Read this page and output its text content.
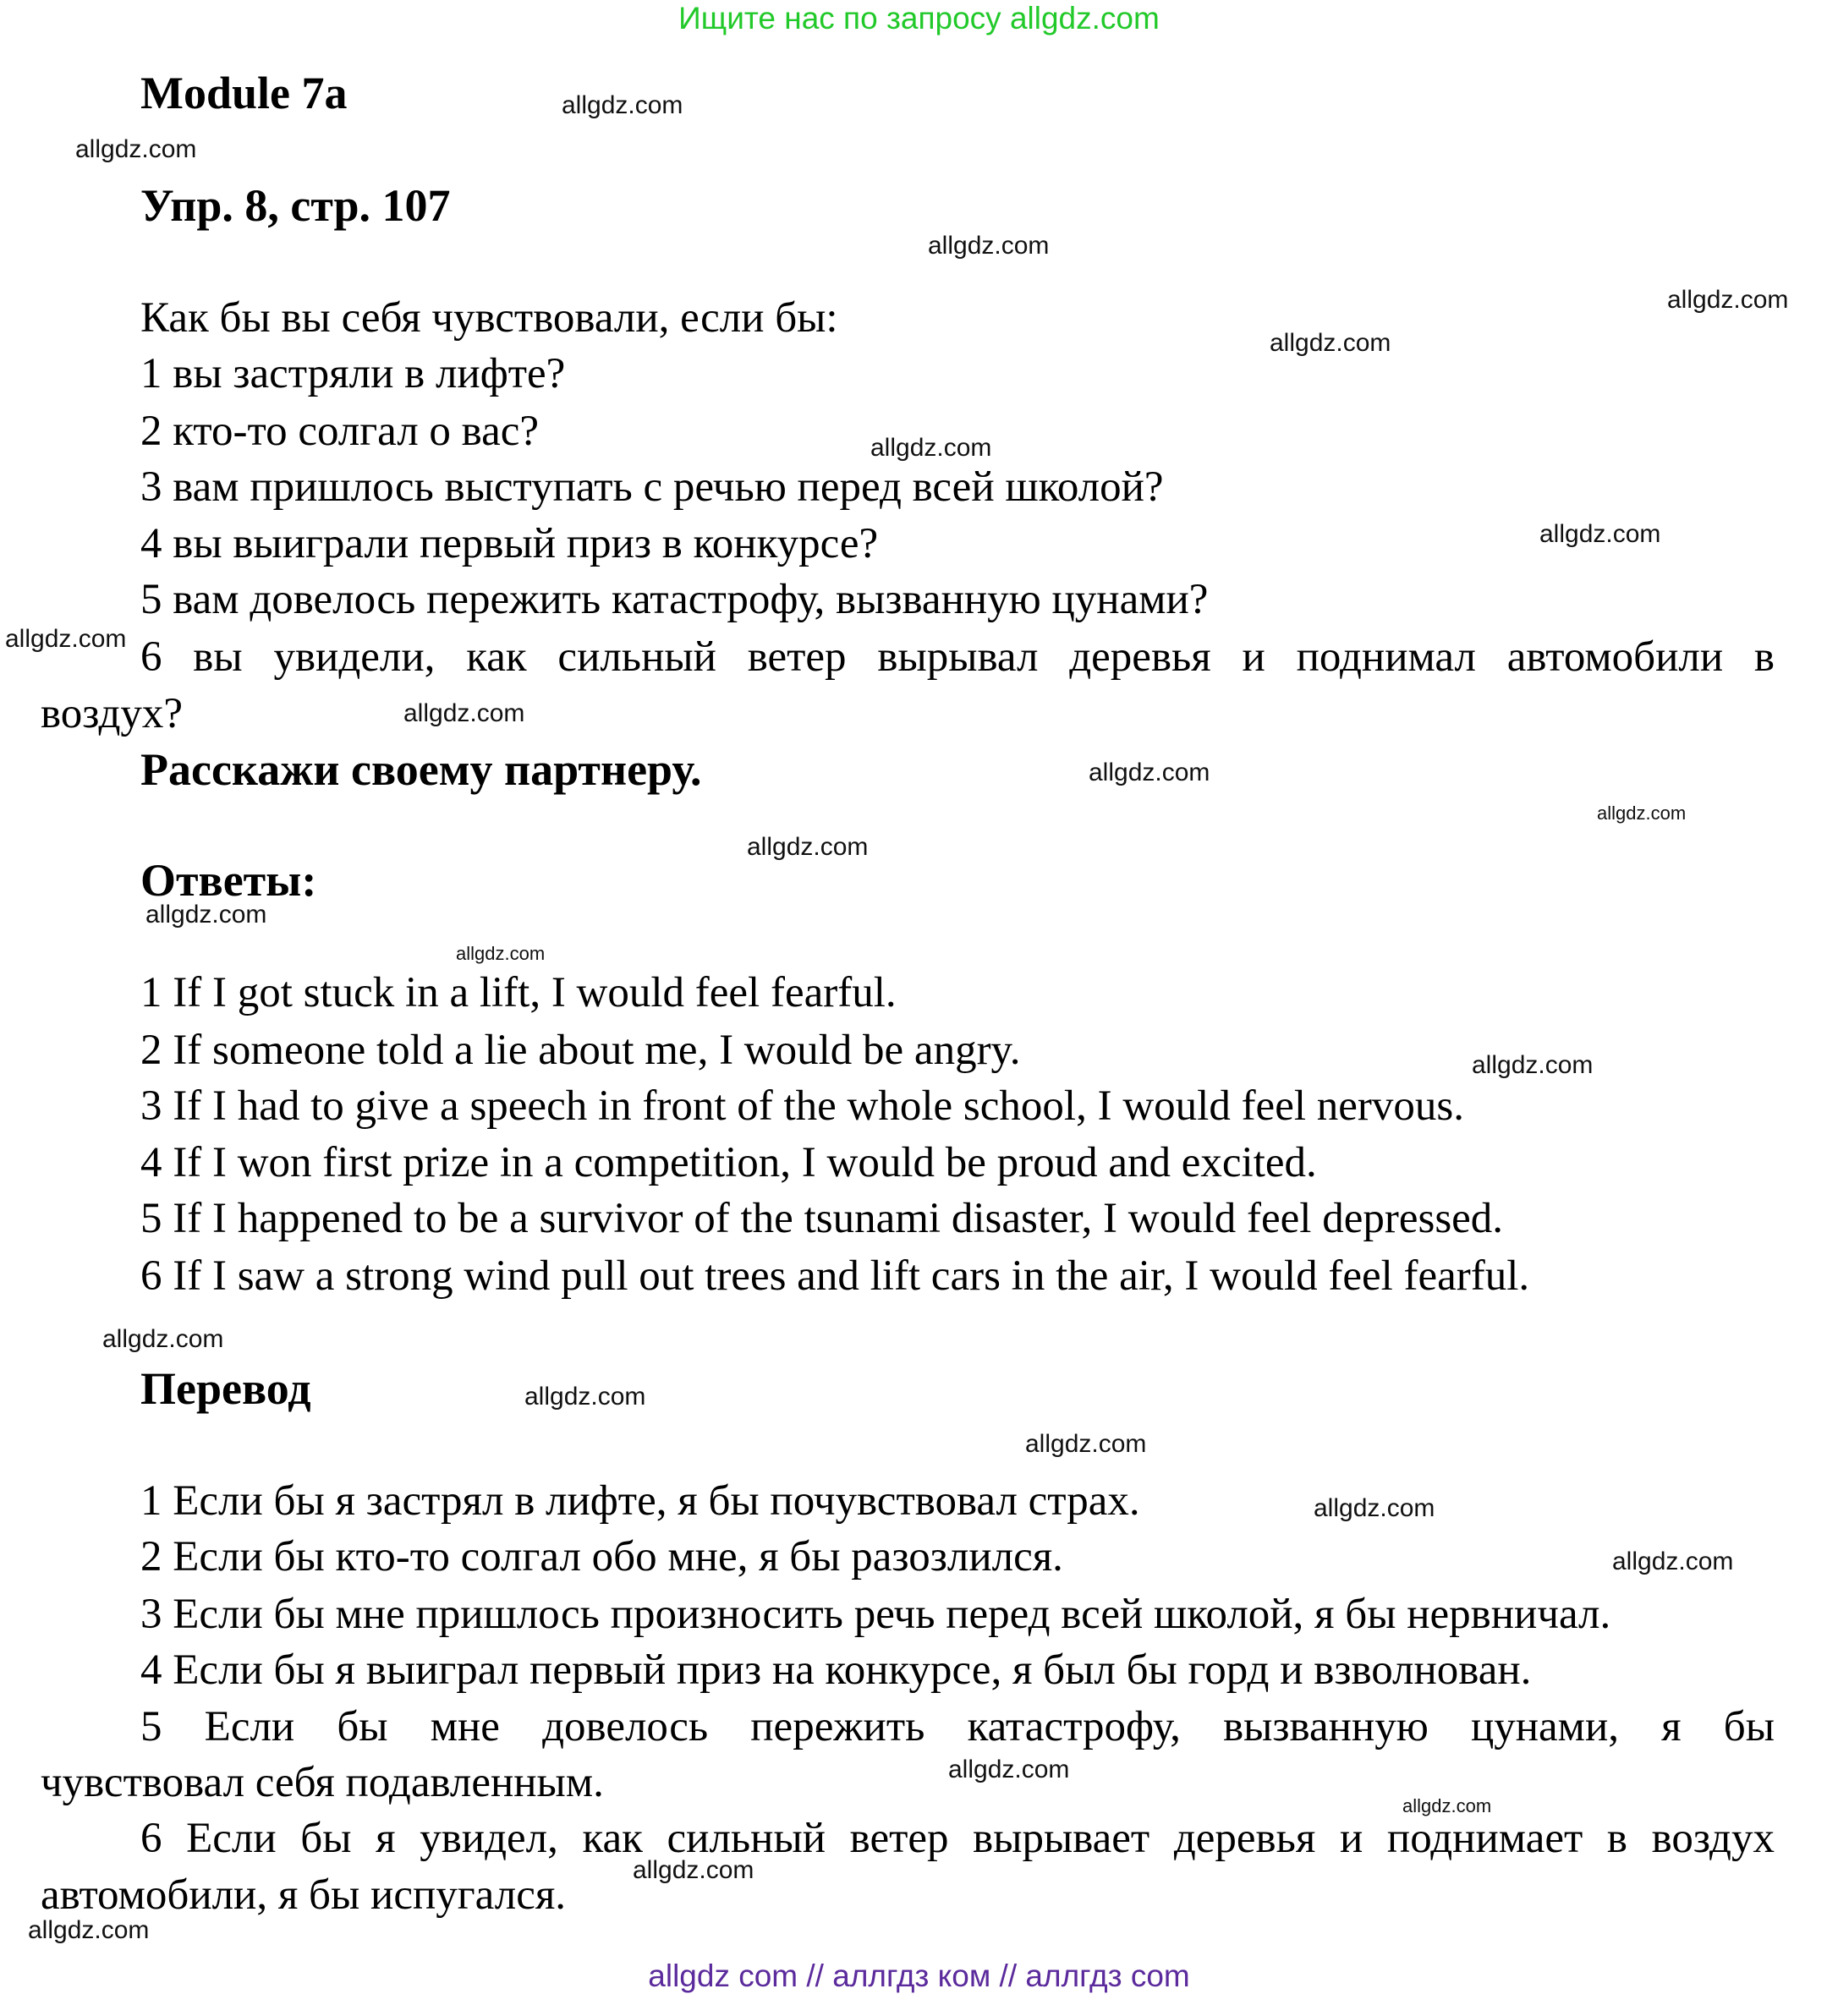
Ищите нас по запросу allgdz.com
Module 7a
Упр. 8, стр. 107
Как бы вы себя чувствовали, если бы:
1 вы застряли в лифте?
2 кто-то солгал о вас?
3 вам пришлось выступать с речью перед всей школой?
4 вы выиграли первый приз в конкурсе?
5 вам довелось пережить катастрофу, вызванную цунами?
6 вы увидели, как сильный ветер вырывал деревья и поднимал автомобили в
воздух?
Расскажи своему партнеру.
Ответы:
1 If I got stuck in a lift, I would feel fearful.
2 If someone told a lie about me, I would be angry.
3 If I had to give a speech in front of the whole school, I would feel nervous.
4 If I won first prize in a competition, I would be proud and excited.
5 If I happened to be a survivor of the tsunami disaster, I would feel depressed.
6 If I saw a strong wind pull out trees and lift cars in the air, I would feel fearful.
Перевод
1 Если бы я застрял в лифте, я бы почувствовал страх.
2 Если бы кто-то солгал обо мне, я бы разозлился.
3 Если бы мне пришлось произносить речь перед всей школой, я бы нервничал.
4 Если бы я выиграл первый приз на конкурсе, я был бы горд и взволнован.
5 Если бы мне довелось пережить катастрофу, вызванную цунами, я бы
чувствовал себя подавленным.
6 Если бы я увидел, как сильный ветер вырывает деревья и поднимает в воздух
автомобили, я бы испугался.
allgdz.com
allgdz.com
allgdz.com
allgdz.com
allgdz.com
allgdz.com
allgdz.com
allgdz.com
allgdz.com
allgdz.com
allgdz.com
allgdz.com
allgdz.com
allgdz.com
allgdz.com
allgdz.com
allgdz.com
allgdz.com
allgdz.com
allgdz.com
allgdz.com
allgdz.com
allgdz.com
allgdz.com
allgdz com // аллгдз ком // аллгдз com
